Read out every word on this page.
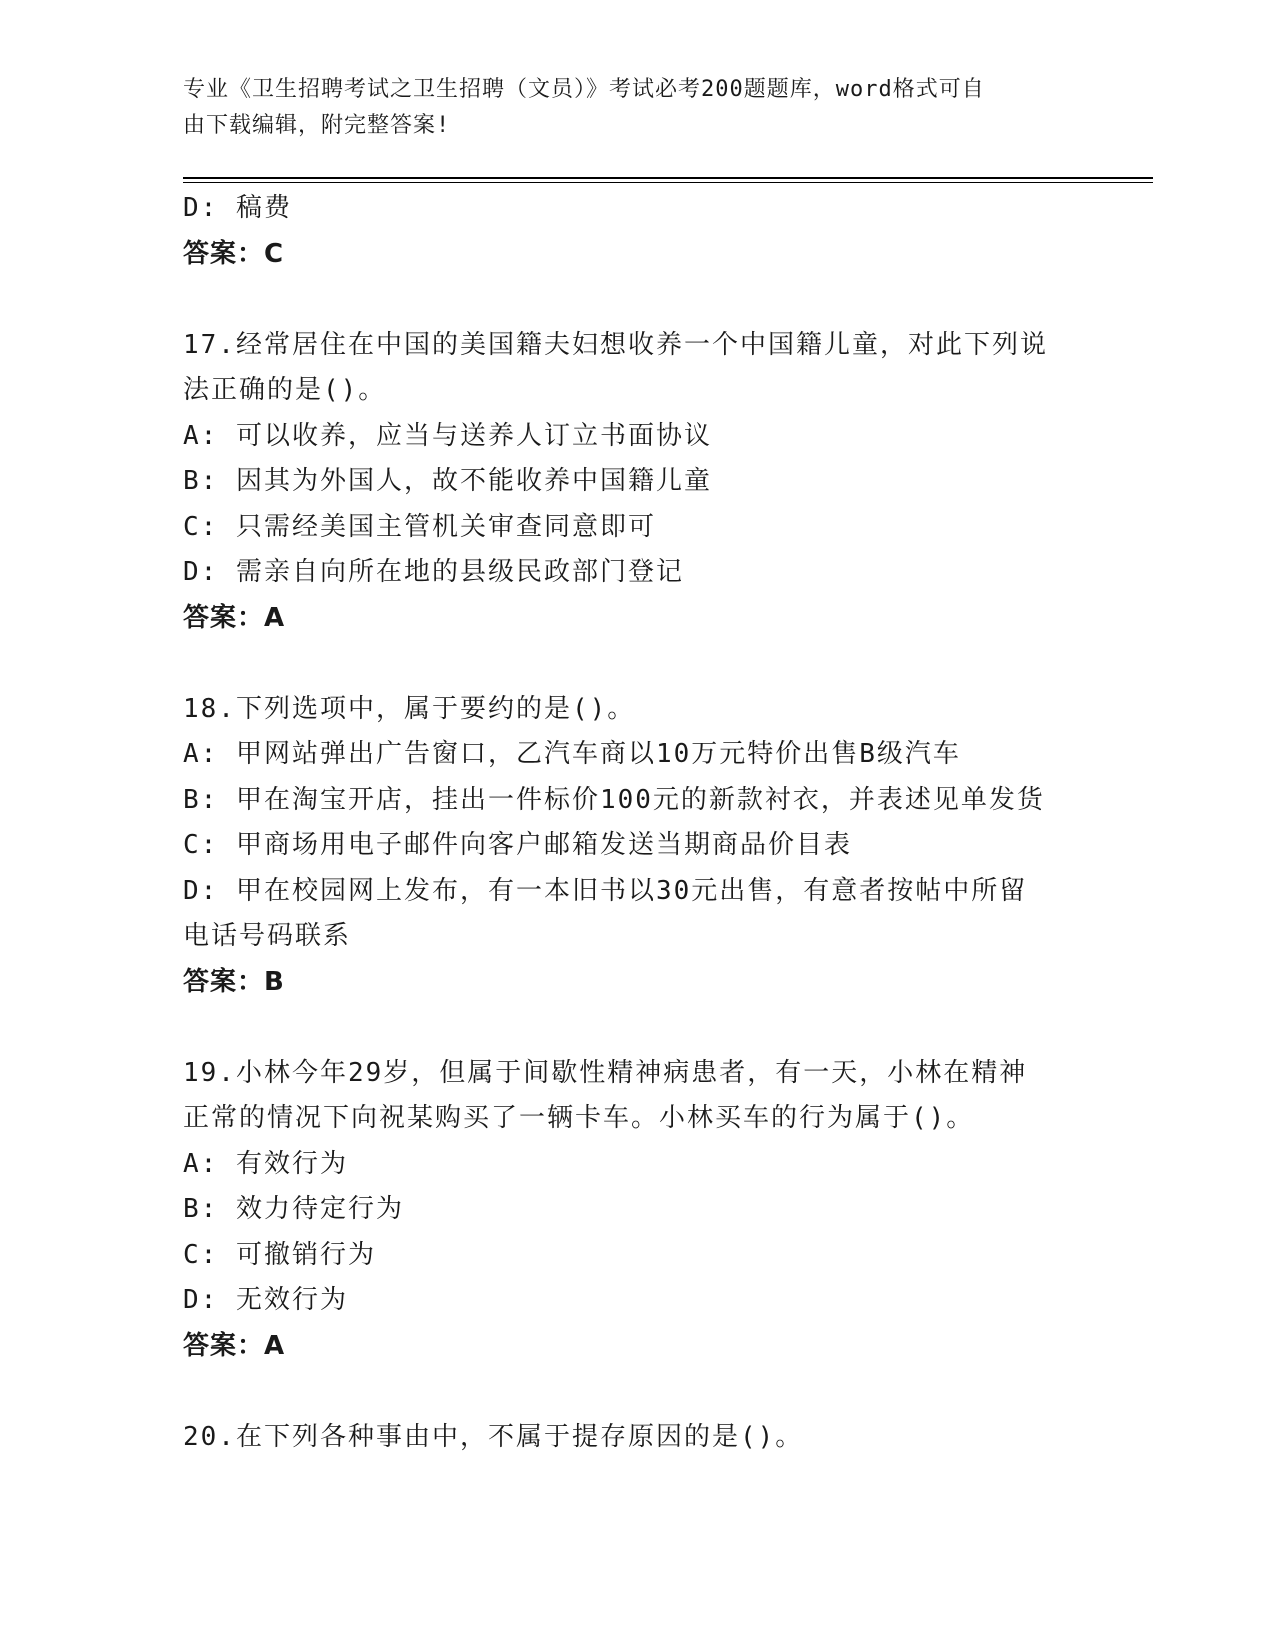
专业《卫生招聘考试之卫生招聘（文员）》考试必考200题题库，word格式可自
由下载编辑，附完整答案!
D: 稿费
答案：C
17.经常居住在中国的美国籍夫妇想收养一个中国籍儿童，对此下列说
法正确的是()。
A: 可以收养，应当与送养人订立书面协议
B: 因其为外国人，故不能收养中国籍儿童
C: 只需经美国主管机关审查同意即可
D: 需亲自向所在地的县级民政部门登记
答案：A
18.下列选项中，属于要约的是()。
A: 甲网站弹出广告窗口，乙汽车商以10万元特价出售B级汽车
B: 甲在淘宝开店，挂出一件标价100元的新款衬衣，并表述见单发货
C: 甲商场用电子邮件向客户邮箱发送当期商品价目表
D: 甲在校园网上发布，有一本旧书以30元出售，有意者按帖中所留
电话号码联系
答案：B
19.小林今年29岁，但属于间歇性精神病患者，有一天，小林在精神
正常的情况下向祝某购买了一辆卡车。小林买车的行为属于()。
A: 有效行为
B: 效力待定行为
C: 可撤销行为
D: 无效行为
答案：A
20.在下列各种事由中，不属于提存原因的是()。
